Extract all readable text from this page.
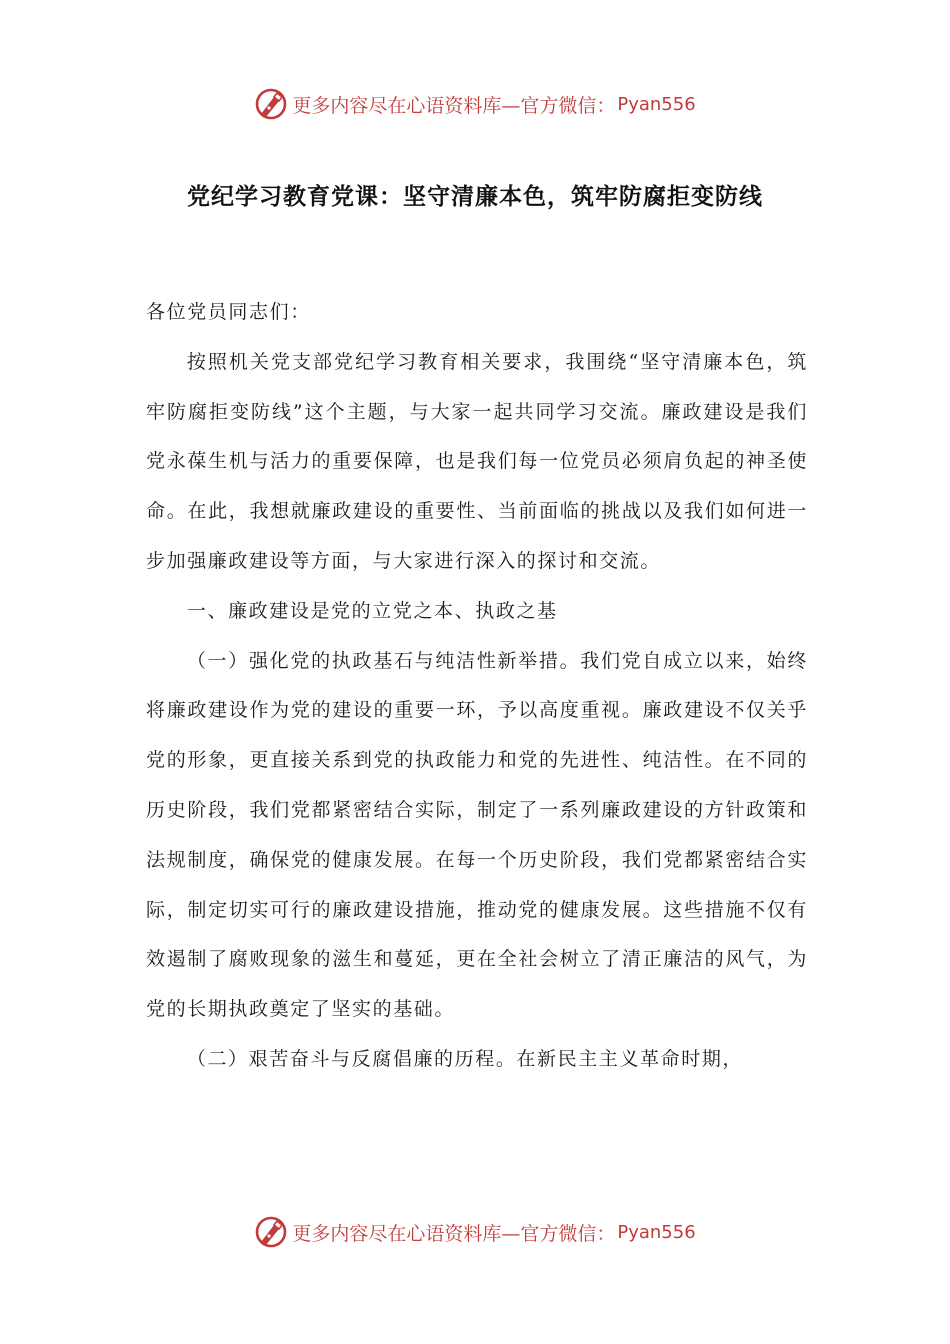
更多内容尽在心语资料库—官方微信： Pyan556
党纪学习教育党课：坚守清廉本色，筑牢防腐拒变防线

各位党员同志们：

按照机关党支部党纪学习教育相关要求，我围绕“坚守清廉本色，筑牢防腐拒变防线”这个主题，与大家一起共同学习交流。廉政建设是我们党永葆生机与活力的重要保障，也是我们每一位党员必须肩负起的神圣使命。在此，我想就廉政建设的重要性、当前面临的挑战以及我们如何进一步加强廉政建设等方面，与大家进行深入的探讨和交流。

一、廉政建设是党的立党之本、执政之基

（一）强化党的执政基石与纯洁性新举措。我们党自成立以来，始终将廉政建设作为党的建设的重要一环，予以高度重视。廉政建设不仅关乎党的形象，更直接关系到党的执政能力和党的先进性、纯洁性。在不同的历史阶段，我们党都紧密结合实际，制定了一系列廉政建设的方针政策和法规制度，确保党的健康发展。在每一个历史阶段，我们党都紧密结合实际，制定切实可行的廉政建设措施，推动党的健康发展。这些措施不仅有效遏制了腐败现象的滋生和蔓延，更在全社会树立了清正廉洁的风气，为党的长期执政奠定了坚实的基础。

（二）艰苦奋斗与反腐倡廉的历程。在新民主主义革命时期，

更多内容尽在心语资料库—官方微信： Pyan556
